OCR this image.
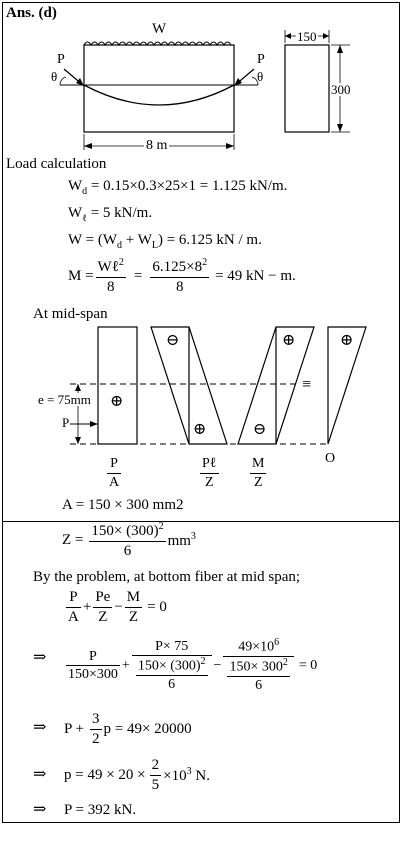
Ans. (d)
W
P
θ
P
θ
8 m
150
300
Load calculation
$W_d = 0.15\times 0.3\times 25\times 1 = 1.125$ kN/m.
$W_\ell = 5$ kN/m.
$W = (W_d + W_L) = 6.125$ kN / m.
$M = \frac{W\ell^2}{8} = \frac{6.125\times 8^2}{8} = 49$ kN − m.
At mid-span
⊖	⊕	⊕
≡
⊕
⊕	⊖
e = 75mm
P
$\frac{P}{A}$	Pℓ
Z	$\frac{M}{Z}$	O
A = 150 × 300 mm2
$Z = \frac{150\times (300)^2}{6} mm^3$
By the problem, at bottom fiber at mid span;
$\frac{P}{A} + \frac{Pe}{Z} - \frac{M}{Z} = 0$
⇒ $\frac{P}{150\times 300} + \frac{P\times 75}{\frac{150\times (300)^2}{6}} - \frac{49\times 10^6}{\frac{150\times 300^2}{6}} = 0$
⇒ $P + \frac{3}{2}$ p = 49× 20000
⇒ $p = 49 \times 20 \times \frac{2}{5} \times 10^3$ N.
⇒ P = 392 kN.
